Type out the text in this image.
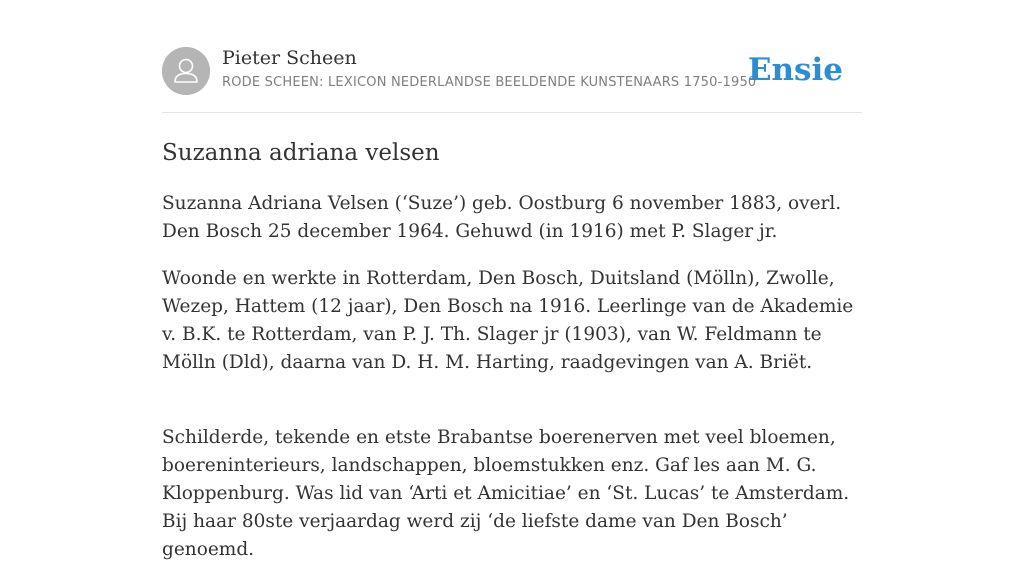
Pieter Scheen
RODE SCHEEN: LEXICON NEDERLANDSE BEELDENDE KUNSTENAARS 1750-1950
Ensie
Suzanna adriana velsen

Suzanna Adriana Velsen (‘Suze’) geb. Oostburg 6 november 1883, overl. Den Bosch 25 december 1964. Gehuwd (in 1916) met P. Slager jr.

Woonde en werkte in Rotterdam, Den Bosch, Duitsland (Mölln), Zwolle, Wezep, Hattem (12 jaar), Den Bosch na 1916. Leerlinge van de Akademie v. B.K. te Rotterdam, van P. J. Th. Slager jr (1903), van W. Feldmann te Mölln (Dld), daarna van D. H. M. Harting, raadgevingen van A. Briët.

Schilderde, tekende en etste Brabantse boerenerven met veel bloemen, boereninterieurs, landschappen, bloemstukken enz. Gaf les aan M. G. Kloppenburg. Was lid van ‘Arti et Amicitiae’ en ‘St. Lucas’ te Amsterdam. Bij haar 80ste verjaardag werd zij ‘de liefste dame van Den Bosch’ genoemd.
